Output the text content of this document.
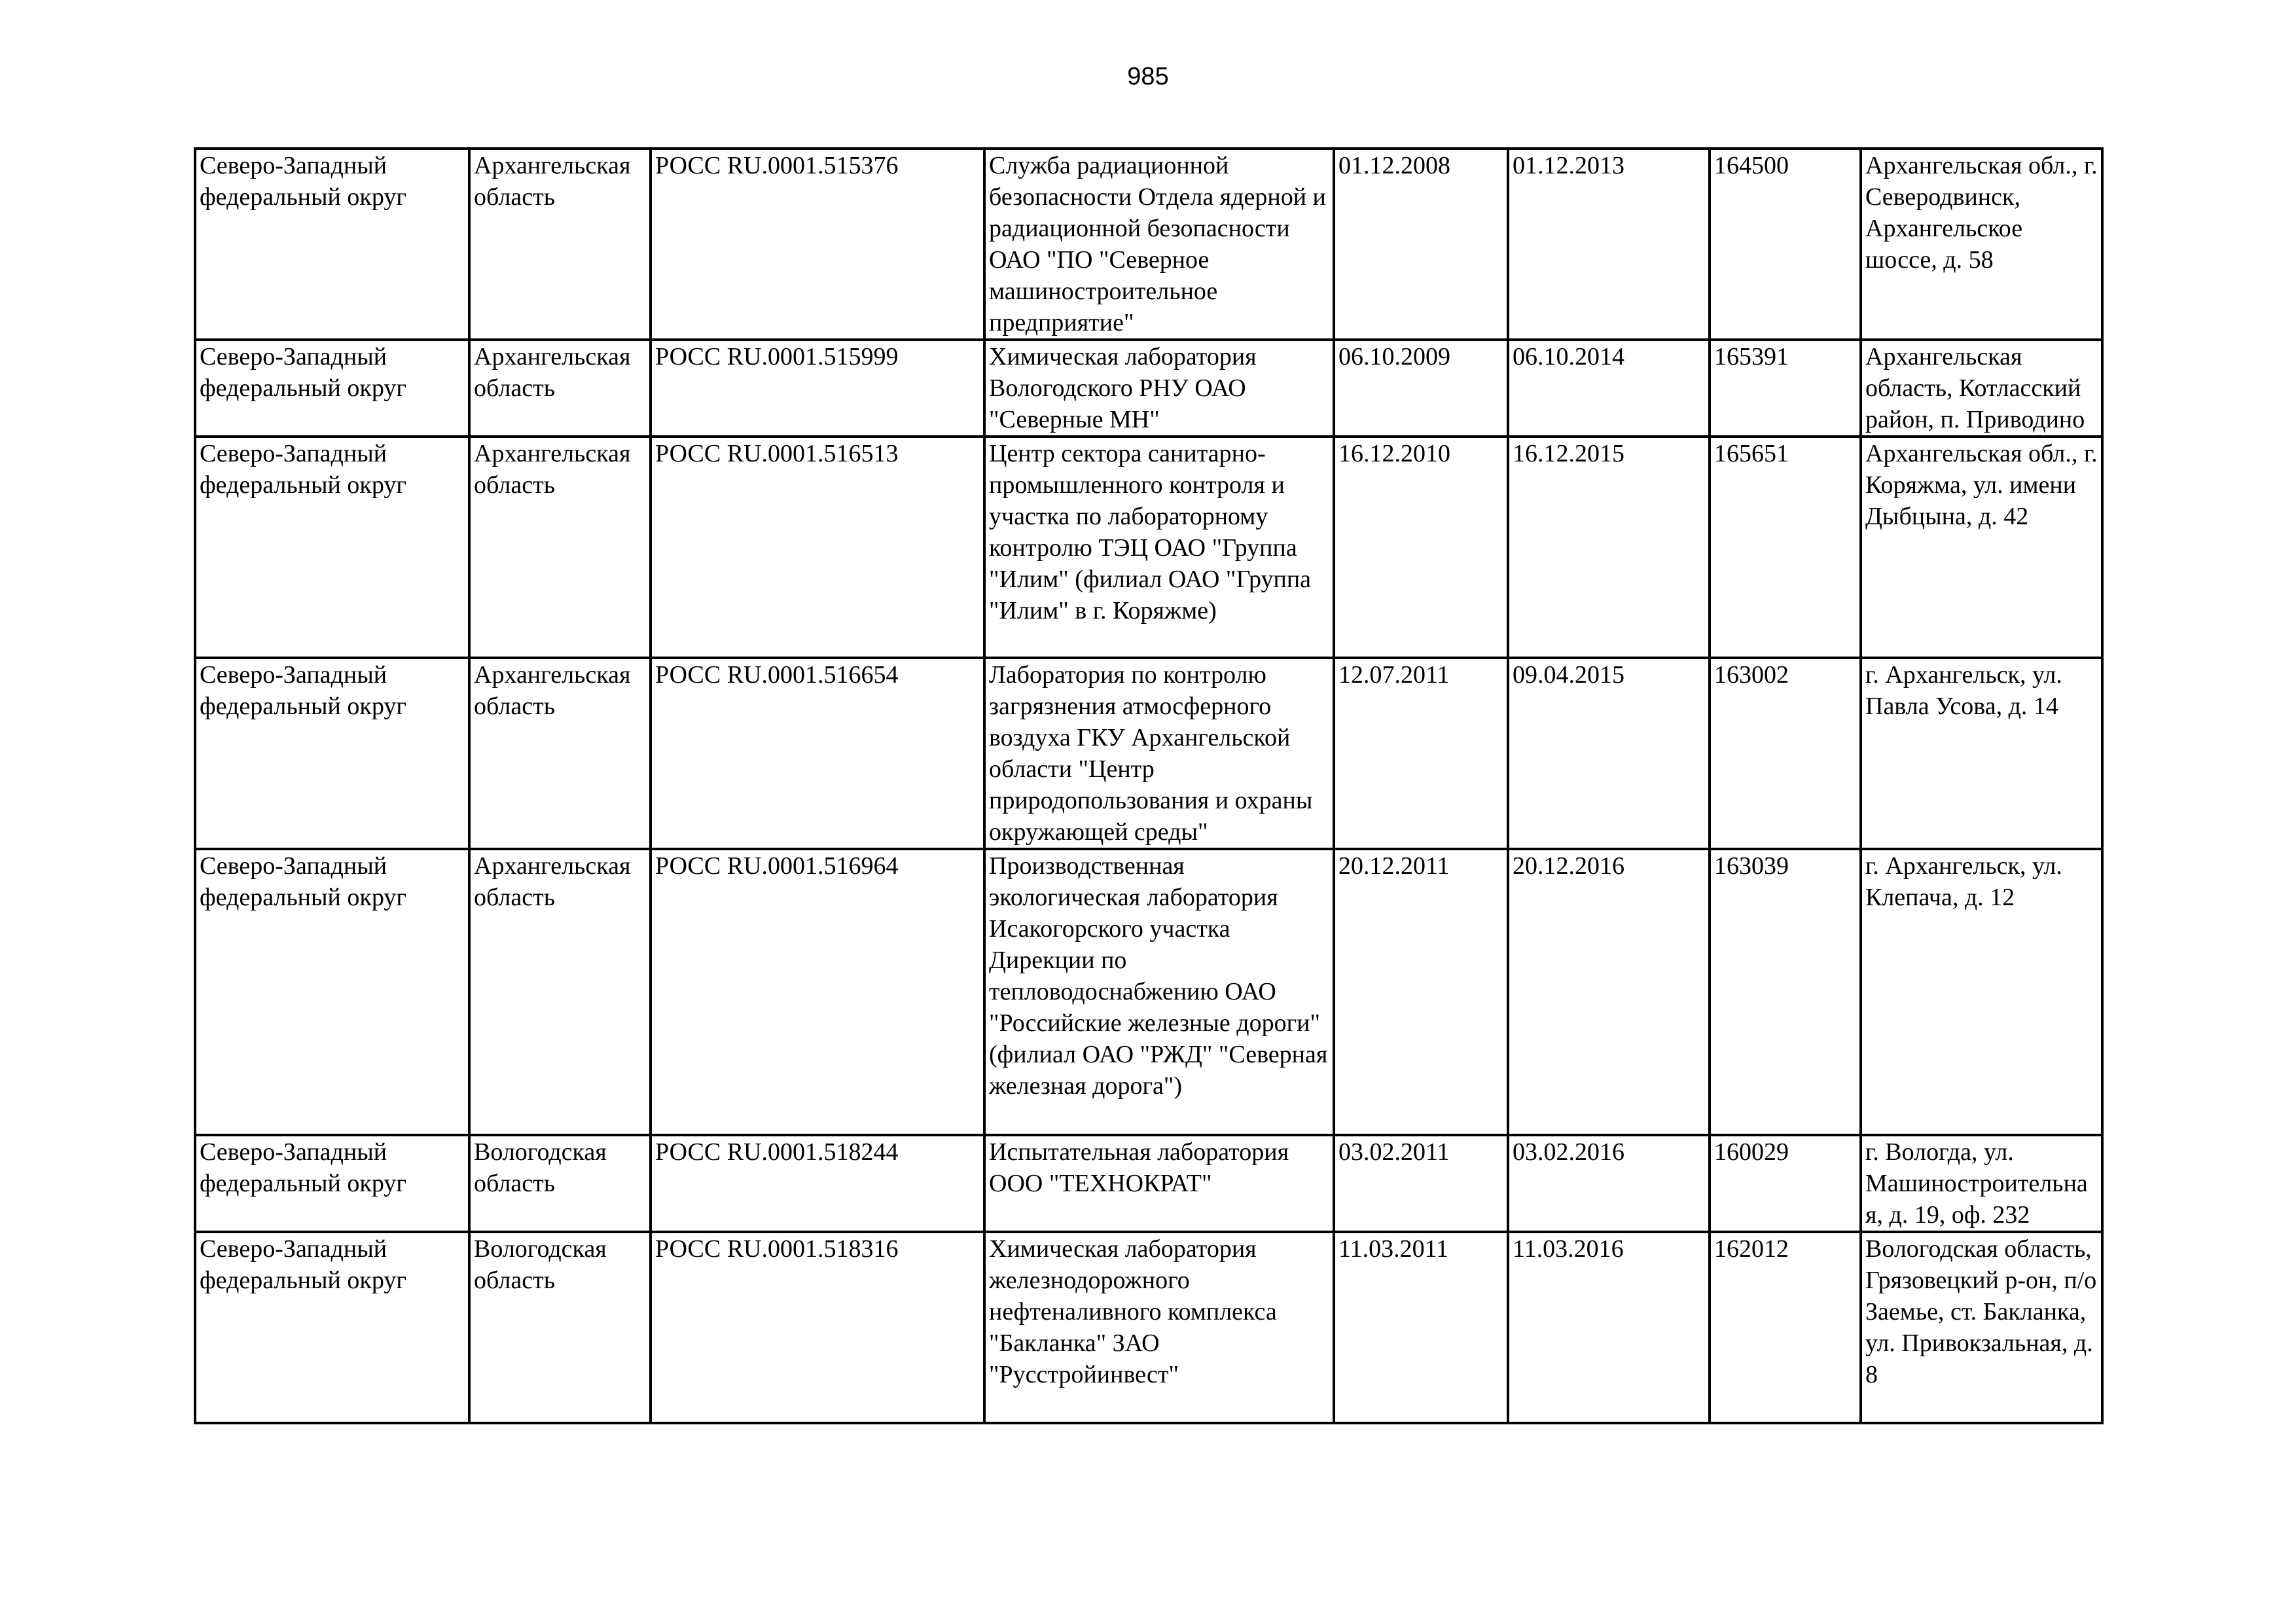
985
Северо-Западный федеральный округ	Архангельская область	РОСС RU.0001.515376	Служба радиационной безопасности Отдела ядерной и радиационной безопасности ОАО "ПО "Северное машиностроительное предприятие"	01.12.2008	01.12.2013	164500	Архангельская обл., г. Северодвинск, Архангельское шоссе, д. 58
Северо-Западный федеральный округ	Архангельская область	РОСС RU.0001.515999	Химическая лаборатория Вологодского РНУ ОАО "Северные МН"	06.10.2009	06.10.2014	165391	Архангельская область, Котласский район, п. Приводино
Северо-Западный федеральный округ	Архангельская область	РОСС RU.0001.516513	Центр сектора санитарно-промышленного контроля и участка по лабораторному контролю ТЭЦ ОАО "Группа "Илим" (филиал ОАО "Группа "Илим" в г. Коряжме)	16.12.2010	16.12.2015	165651	Архангельская обл., г. Коряжма, ул. имени Дыбцына, д. 42
Северо-Западный федеральный округ	Архангельская область	РОСС RU.0001.516654	Лаборатория по контролю загрязнения атмосферного воздуха ГКУ Архангельской области "Центр природопользования и охраны окружающей среды"	12.07.2011	09.04.2015	163002	г. Архангельск, ул. Павла Усова, д. 14
Северо-Западный федеральный округ	Архангельская область	РОСС RU.0001.516964	Производственная экологическая лаборатория Исакогорского участка Дирекции по тепловодоснабжению ОАО "Российские железные дороги" (филиал ОАО "РЖД" "Северная железная дорога")	20.12.2011	20.12.2016	163039	г. Архангельск, ул. Клепача, д. 12
Северо-Западный федеральный округ	Вологодская область	РОСС RU.0001.518244	Испытательная лаборатория ООО "ТЕХНОКРАТ"	03.02.2011	03.02.2016	160029	г. Вологда, ул. Машиностроительная, д. 19, оф. 232
Северо-Западный федеральный округ	Вологодская область	РОСС RU.0001.518316	Химическая лаборатория железнодорожного нефтеналивного комплекса "Бакланка" ЗАО "Русстройинвест"	11.03.2011	11.03.2016	162012	Вологодская область, Грязовецкий р-он, п/о Заемье, ст. Бакланка, ул. Привокзальная, д. 8
